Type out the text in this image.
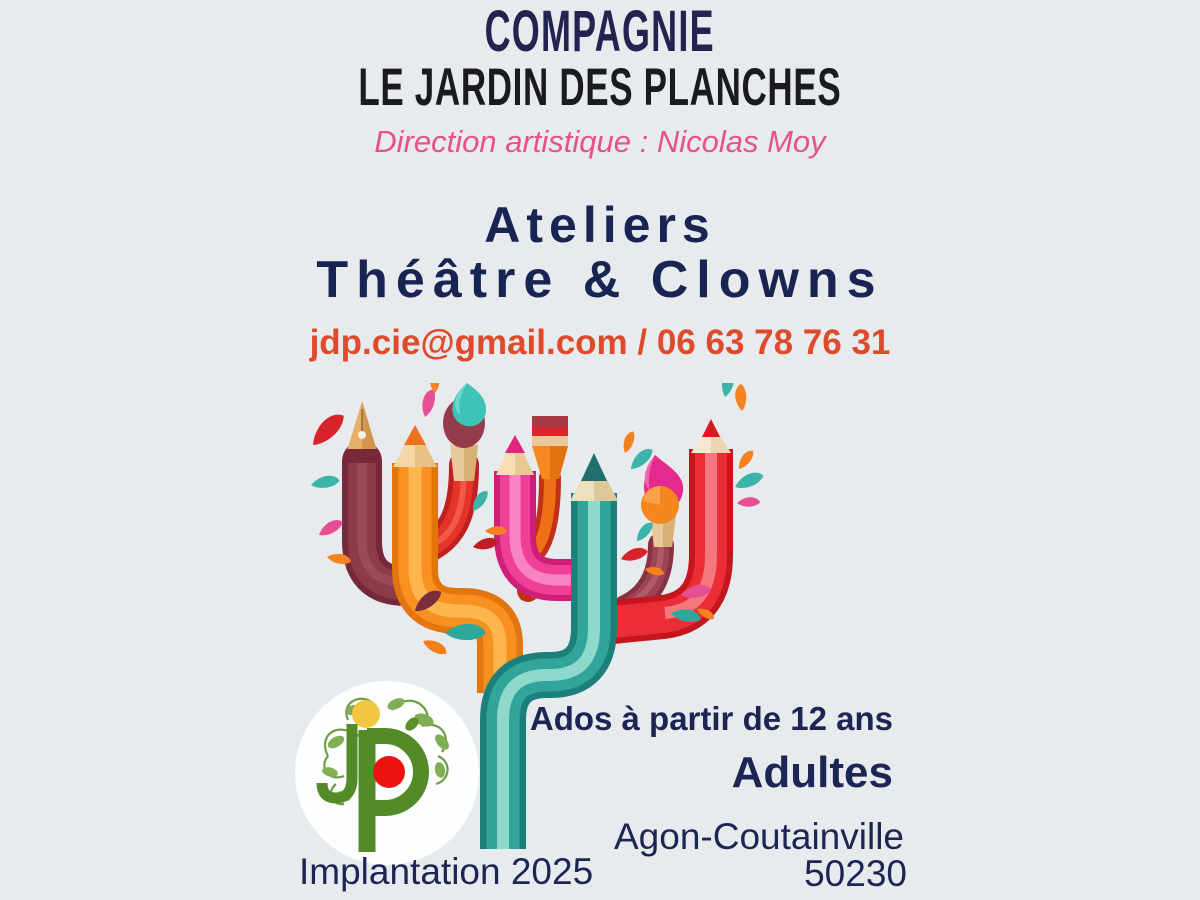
COMPAGNIE
LE JARDIN DES PLANCHES
Direction artistique : Nicolas Moy
Ateliers
Théâtre & Clowns
jdp.cie@gmail.com / 06 63 78 76 31
Ados à partir de 12 ans
Adultes
Agon-Coutainville
50230
Implantation 2025
